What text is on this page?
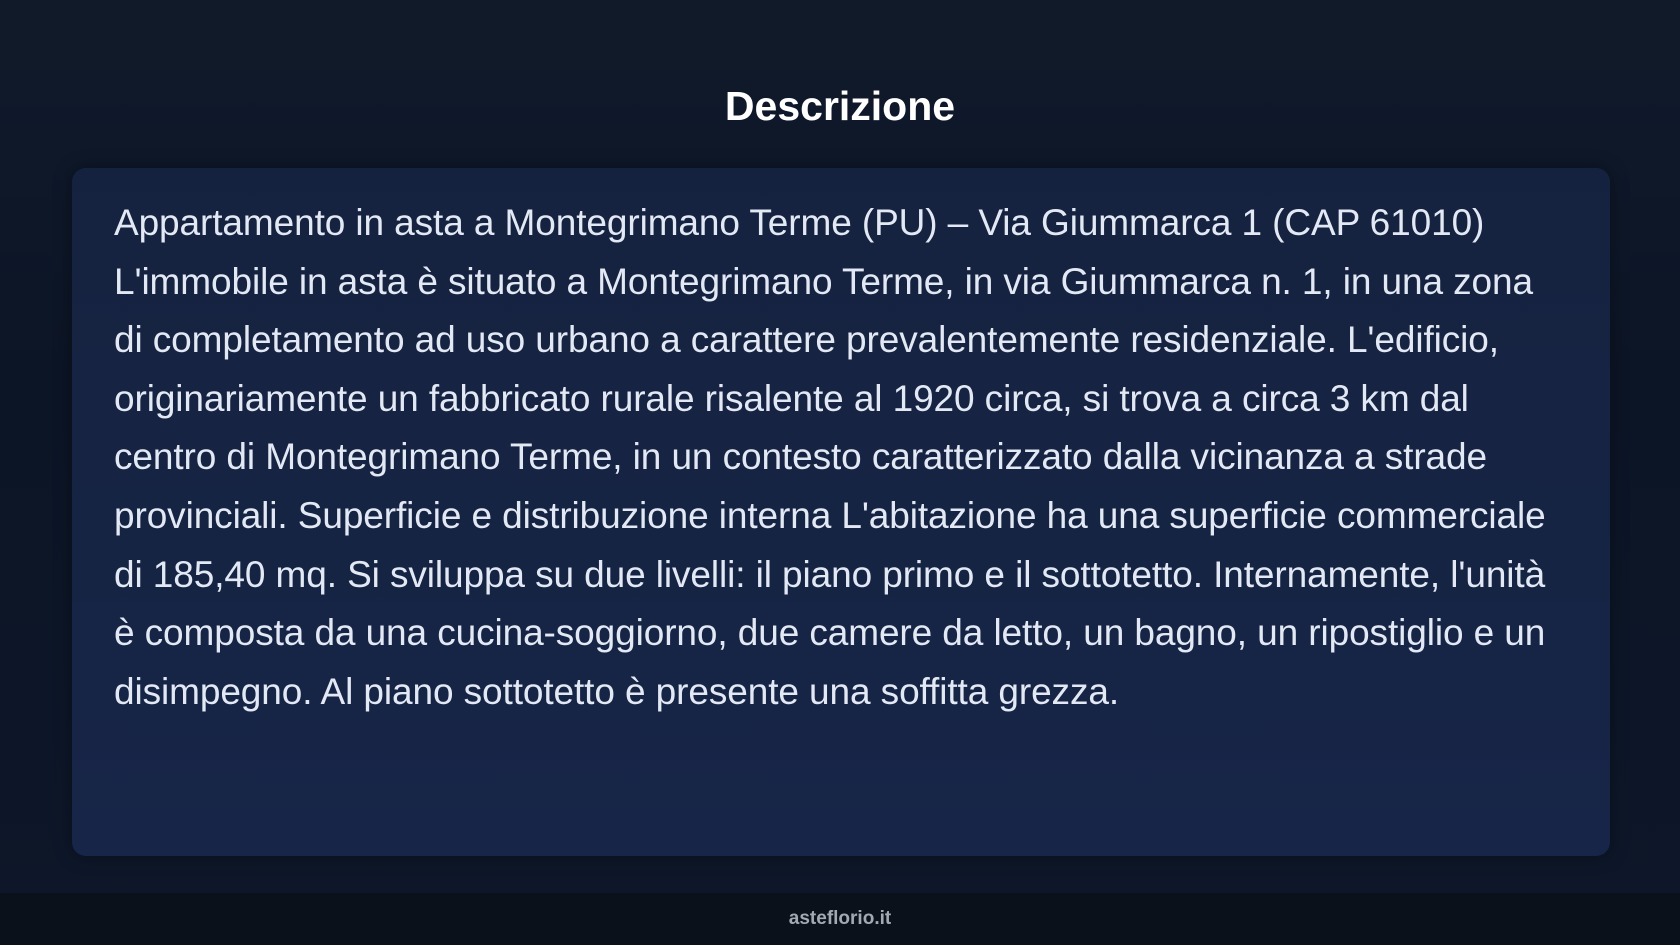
Descrizione

Appartamento in asta a Montegrimano Terme (PU) – Via Giummarca 1 (CAP 61010) L'immobile in asta è situato a Montegrimano Terme, in via Giummarca n. 1, in una zona di completamento ad uso urbano a carattere prevalentemente residenziale. L'edificio, originariamente un fabbricato rurale risalente al 1920 circa, si trova a circa 3 km dal centro di Montegrimano Terme, in un contesto caratterizzato dalla vicinanza a strade provinciali. Superficie e distribuzione interna L'abitazione ha una superficie commerciale di 185,40 mq. Si sviluppa su due livelli: il piano primo e il sottotetto. Internamente, l'unità è composta da una cucina-soggiorno, due camere da letto, un bagno, un ripostiglio e un disimpegno. Al piano sottotetto è presente una soffitta grezza.

asteflorio.it
